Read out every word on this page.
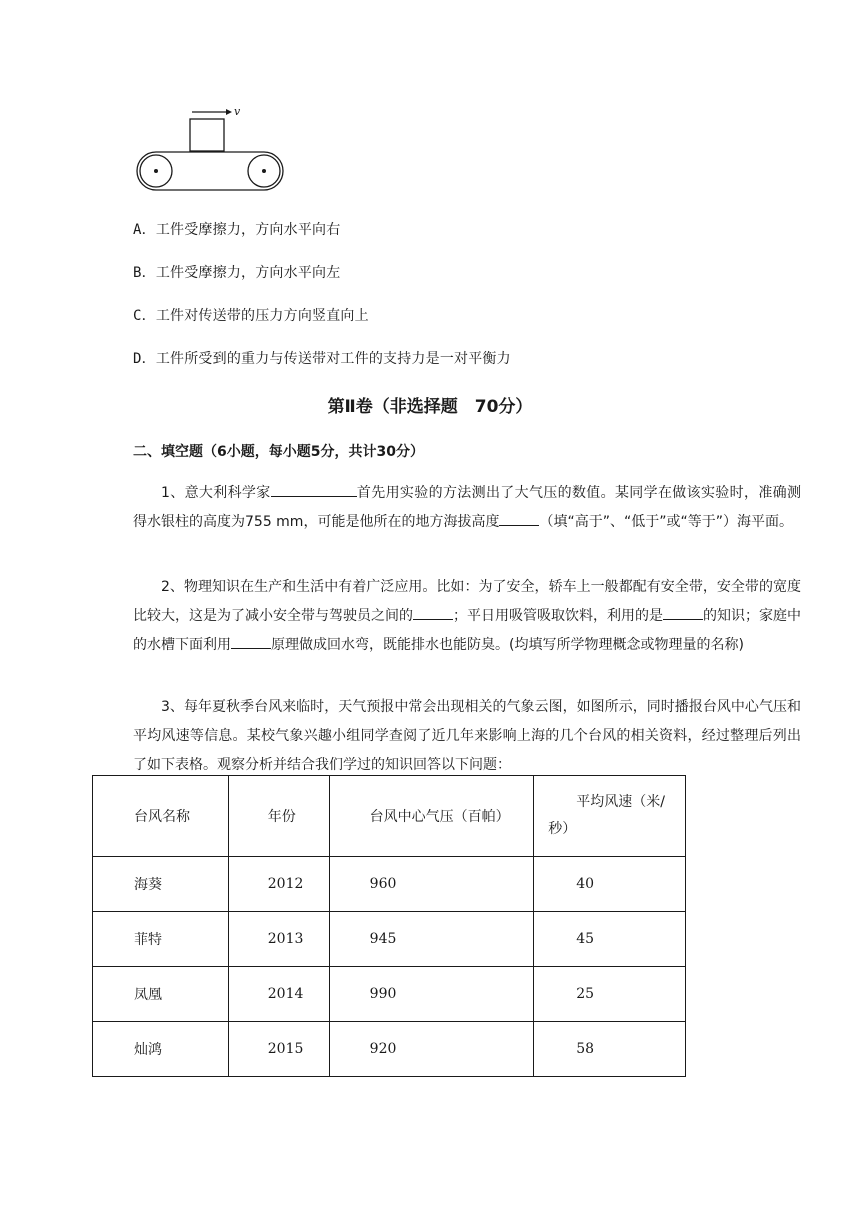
v
A．工件受摩擦力，方向水平向右
B．工件受摩擦力，方向水平向左
C．工件对传送带的压力方向竖直向上
D．工件所受到的重力与传送带对工件的支持力是一对平衡力
第Ⅱ卷（非选择题　70分）
二、填空题（6小题，每小题5分，共计30分）
1、意大利科学家	首先用实验的方法测出了大气压的数值。某同学在做该实验时，准确测得水银柱的高度为755 mm，可能是他所在的地方海拔高度	（填“高于”、“低于”或“等于”）海平面。
2、物理知识在生产和生活中有着广泛应用。比如：为了安全，轿车上一般都配有安全带，安全带的宽度比较大，这是为了减小安全带与驾驶员之间的	；平日用吸管吸取饮料，利用的是	的知识；家庭中的水槽下面利用	原理做成回水弯，既能排水也能防臭。(均填写所学物理概念或物理量的名称)
3、每年夏秋季台风来临时，天气预报中常会出现相关的气象云图，如图所示，同时播报台风中心气压和平均风速等信息。某校气象兴趣小组同学查阅了近几年来影响上海的几个台风的相关资料，经过整理后列出了如下表格。观察分析并结合我们学过的知识回答以下问题：
台风名称	年份	台风中心气压（百帕）	平均风速（米/秒）
海葵	2012	960	40
菲特	2013	945	45
凤凰	2014	990	25
灿鸿	2015	920	58
